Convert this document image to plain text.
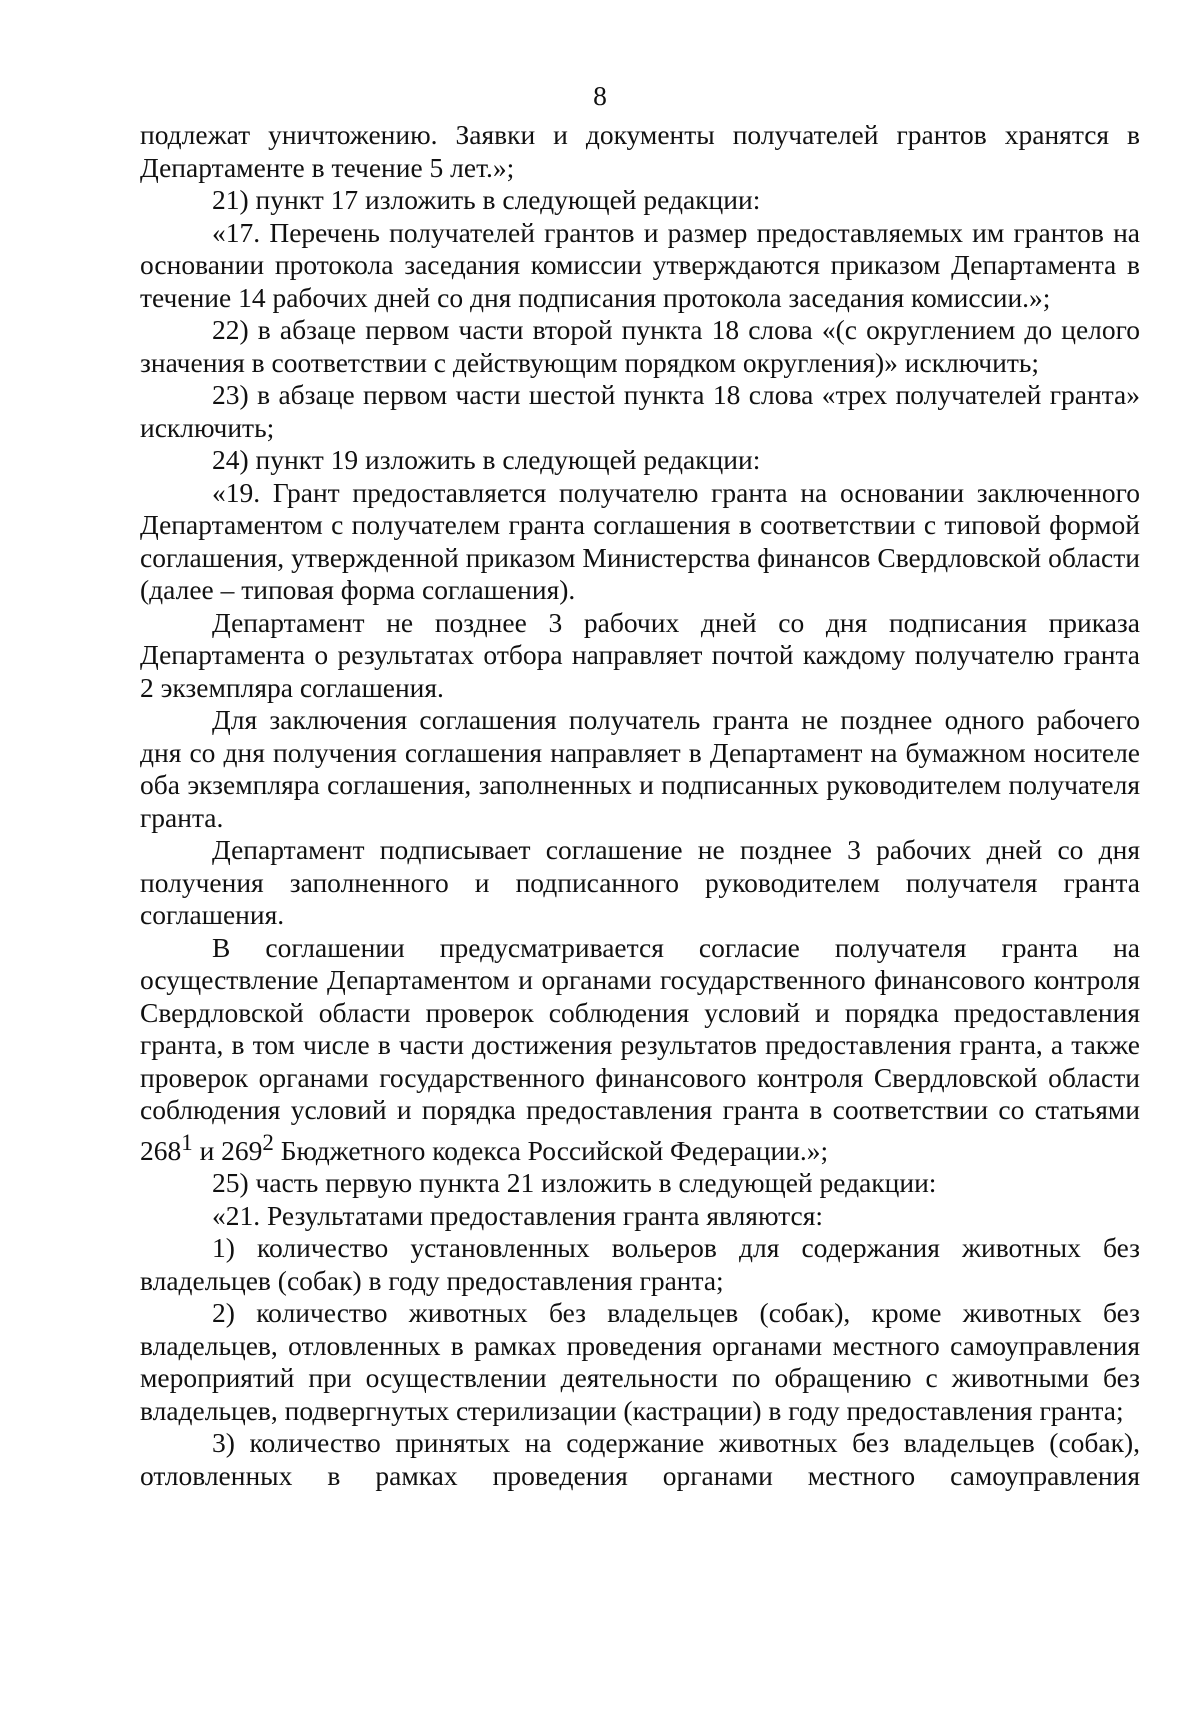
8

подлежат уничтожению. Заявки и документы получателей грантов хранятся в Департаменте в течение 5 лет.»;

21) пункт 17 изложить в следующей редакции:

«17. Перечень получателей грантов и размер предоставляемых им грантов на основании протокола заседания комиссии утверждаются приказом Департамента в течение 14 рабочих дней со дня подписания протокола заседания комиссии.»;

22) в абзаце первом части второй пункта 18 слова «(с округлением до целого значения в соответствии с действующим порядком округления)» исключить;

23) в абзаце первом части шестой пункта 18 слова «трех получателей гранта» исключить;

24) пункт 19 изложить в следующей редакции:

«19. Грант предоставляется получателю гранта на основании заключенного Департаментом с получателем гранта соглашения в соответствии с типовой формой соглашения, утвержденной приказом Министерства финансов Свердловской области (далее – типовая форма соглашения).

Департамент не позднее 3 рабочих дней со дня подписания приказа Департамента о результатах отбора направляет почтой каждому получателю гранта 2 экземпляра соглашения.

Для заключения соглашения получатель гранта не позднее одного рабочего дня со дня получения соглашения направляет в Департамент на бумажном носителе оба экземпляра соглашения, заполненных и подписанных руководителем получателя гранта.

Департамент подписывает соглашение не позднее 3 рабочих дней со дня получения заполненного и подписанного руководителем получателя гранта соглашения.

В соглашении предусматривается согласие получателя гранта на осуществление Департаментом и органами государственного финансового контроля Свердловской области проверок соблюдения условий и порядка предоставления гранта, в том числе в части достижения результатов предоставления гранта, а также проверок органами государственного финансового контроля Свердловской области соблюдения условий и порядка предоставления гранта в соответствии со статьями $268^1$ и $269^2$ Бюджетного кодекса Российской Федерации.»;

25) часть первую пункта 21 изложить в следующей редакции:

«21. Результатами предоставления гранта являются:

1) количество установленных вольеров для содержания животных без владельцев (собак) в году предоставления гранта;

2) количество животных без владельцев (собак), кроме животных без владельцев, отловленных в рамках проведения органами местного самоуправления мероприятий при осуществлении деятельности по обращению с животными без владельцев, подвергнутых стерилизации (кастрации) в году предоставления гранта;

3) количество принятых на содержание животных без владельцев (собак), отловленных в рамках проведения органами местного самоуправления
